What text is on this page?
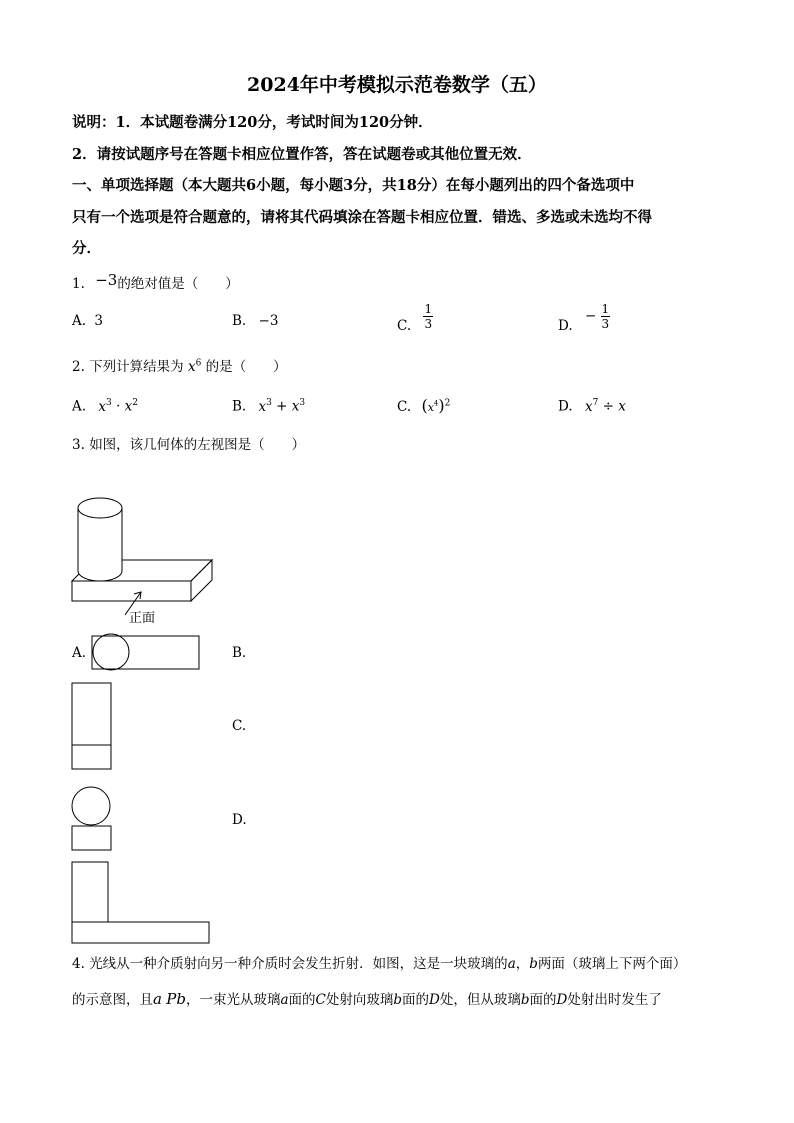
2024年中考模拟示范卷数学（五）
说明：1．本试题卷满分120分，考试时间为120分钟．
2．请按试题序号在答题卡相应位置作答，答在试题卷或其他位置无效．
一、单项选择题（本大题共6小题，每小题3分，共18分）在每小题列出的四个备选项中
只有一个选项是符合题意的，请将其代码填涂在答题卡相应位置．错选、多选或未选均不得
分．
1. −3的绝对值是（　　）
A. 3	B. −3	C. $\frac{1}{3}$	D. − $\frac{1}{3}$
2. 下列计算结果为 $x^6$ 的是（　　）
A. $x^3 \cdot x^2$	B. $x^3 + x^3$	C. $(x^4)^2$	D. $x^7 \div x$
3. 如图，该几何体的左视图是（　　）
正面
A.	B.
C.
D.
4. 光线从一种介质射向另一种介质时会发生折射．如图，这是一块玻璃的a，b两面（玻璃上下两个面）
的示意图，且a Pb，一束光从玻璃a面的C处射向玻璃b面的D处，但从玻璃b面的D处射出时发生了
